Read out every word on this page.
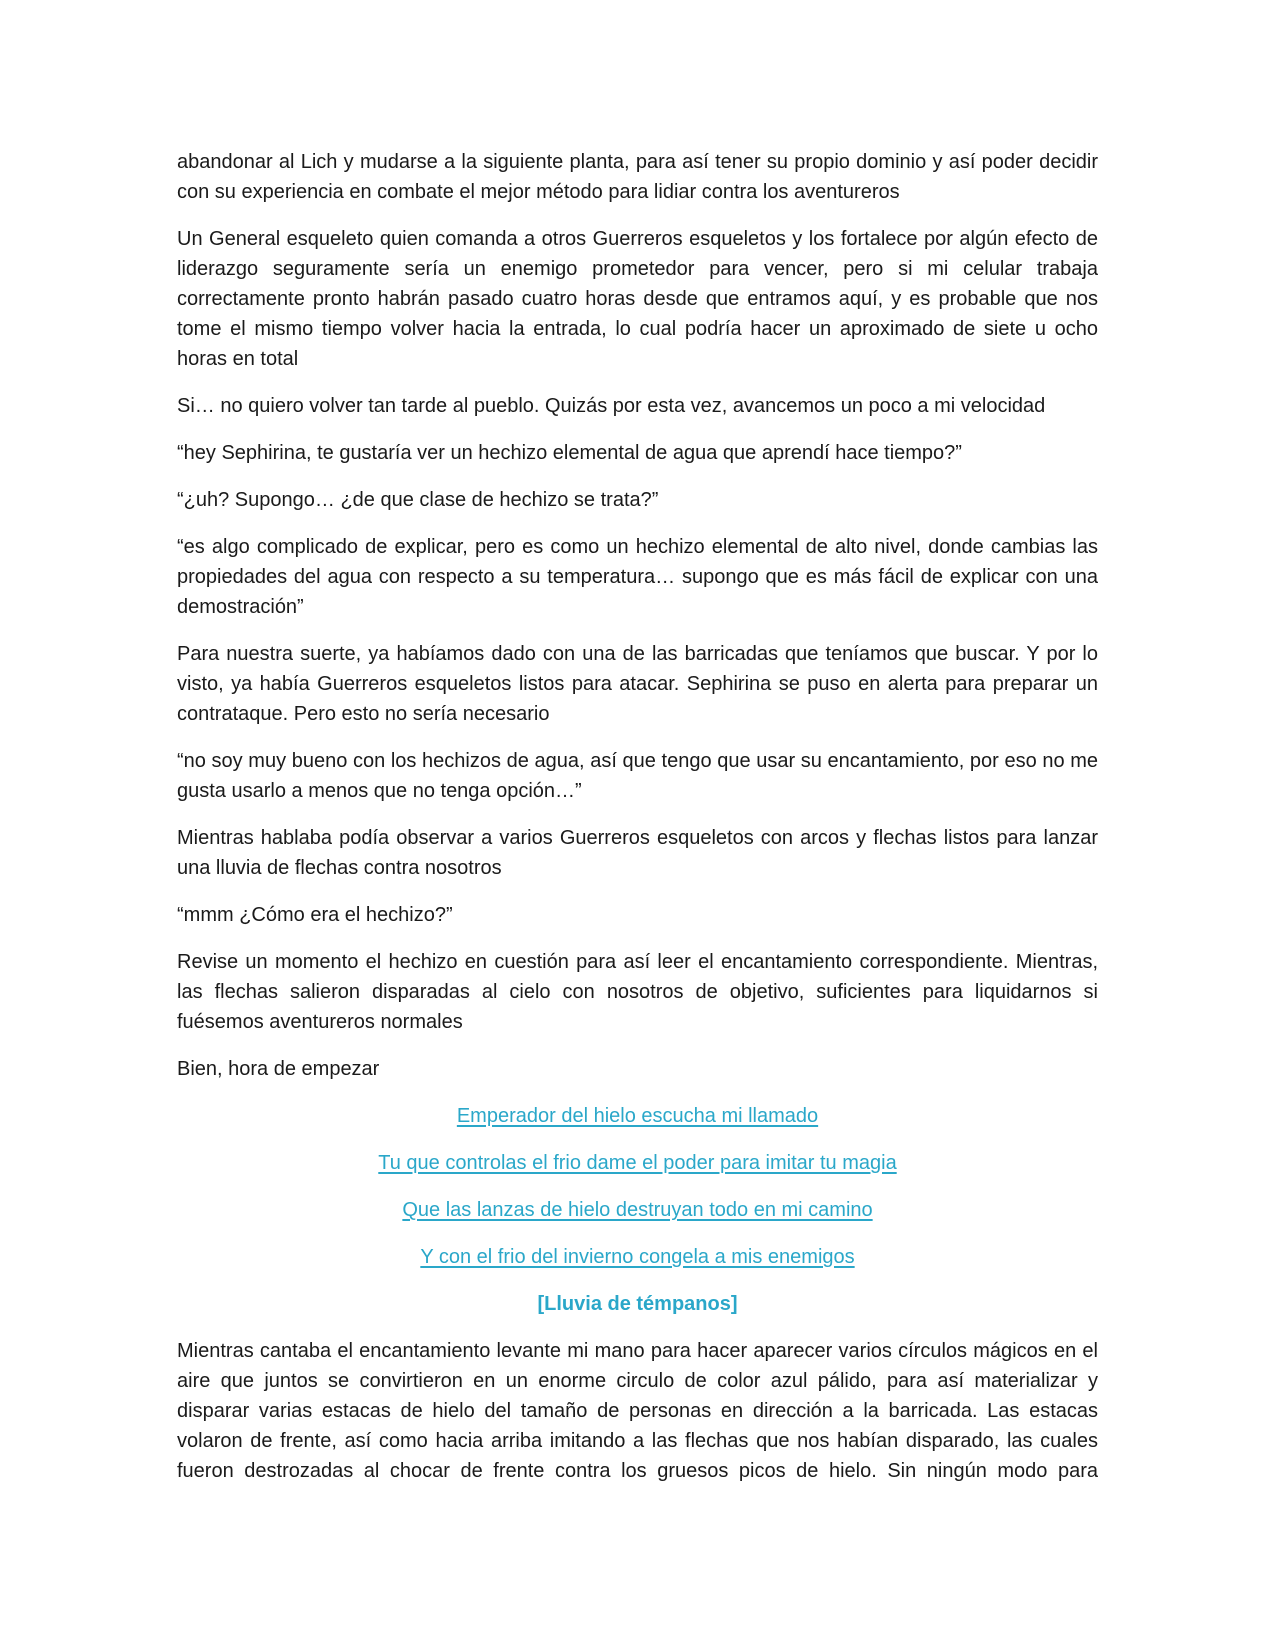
abandonar al Lich y mudarse a la siguiente planta, para así tener su propio dominio y así poder decidir con su experiencia en combate el mejor método para lidiar contra los aventureros

Un General esqueleto quien comanda a otros Guerreros esqueletos y los fortalece por algún efecto de liderazgo seguramente sería un enemigo prometedor para vencer, pero si mi celular trabaja correctamente pronto habrán pasado cuatro horas desde que entramos aquí, y es probable que nos tome el mismo tiempo volver hacia la entrada, lo cual podría hacer un aproximado de siete u ocho horas en total

Si… no quiero volver tan tarde al pueblo. Quizás por esta vez, avancemos un poco a mi velocidad

“hey Sephirina, te gustaría ver un hechizo elemental de agua que aprendí hace tiempo?”

“¿uh? Supongo… ¿de que clase de hechizo se trata?”

“es algo complicado de explicar, pero es como un hechizo elemental de alto nivel, donde cambias las propiedades del agua con respecto a su temperatura… supongo que es más fácil de explicar con una demostración”

Para nuestra suerte, ya habíamos dado con una de las barricadas que teníamos que buscar. Y por lo visto, ya había Guerreros esqueletos listos para atacar. Sephirina se puso en alerta para preparar un contrataque. Pero esto no sería necesario

“no soy muy bueno con los hechizos de agua, así que tengo que usar su encantamiento, por eso no me gusta usarlo a menos que no tenga opción…”

Mientras hablaba podía observar a varios Guerreros esqueletos con arcos y flechas listos para lanzar una lluvia de flechas contra nosotros

“mmm ¿Cómo era el hechizo?”

Revise un momento el hechizo en cuestión para así leer el encantamiento correspondiente. Mientras, las flechas salieron disparadas al cielo con nosotros de objetivo, suficientes para liquidarnos si fuésemos aventureros normales

Bien, hora de empezar

Emperador del hielo escucha mi llamado

Tu que controlas el frio dame el poder para imitar tu magia

Que las lanzas de hielo destruyan todo en mi camino

Y con el frio del invierno congela a mis enemigos

[Lluvia de témpanos]

Mientras cantaba el encantamiento levante mi mano para hacer aparecer varios círculos mágicos en el aire que juntos se convirtieron en un enorme circulo de color azul pálido, para así materializar y disparar varias estacas de hielo del tamaño de personas en dirección a la barricada. Las estacas volaron de frente, así como hacia arriba imitando a las flechas que nos habían disparado, las cuales fueron destrozadas al chocar de frente contra los gruesos picos de hielo. Sin ningún modo para
